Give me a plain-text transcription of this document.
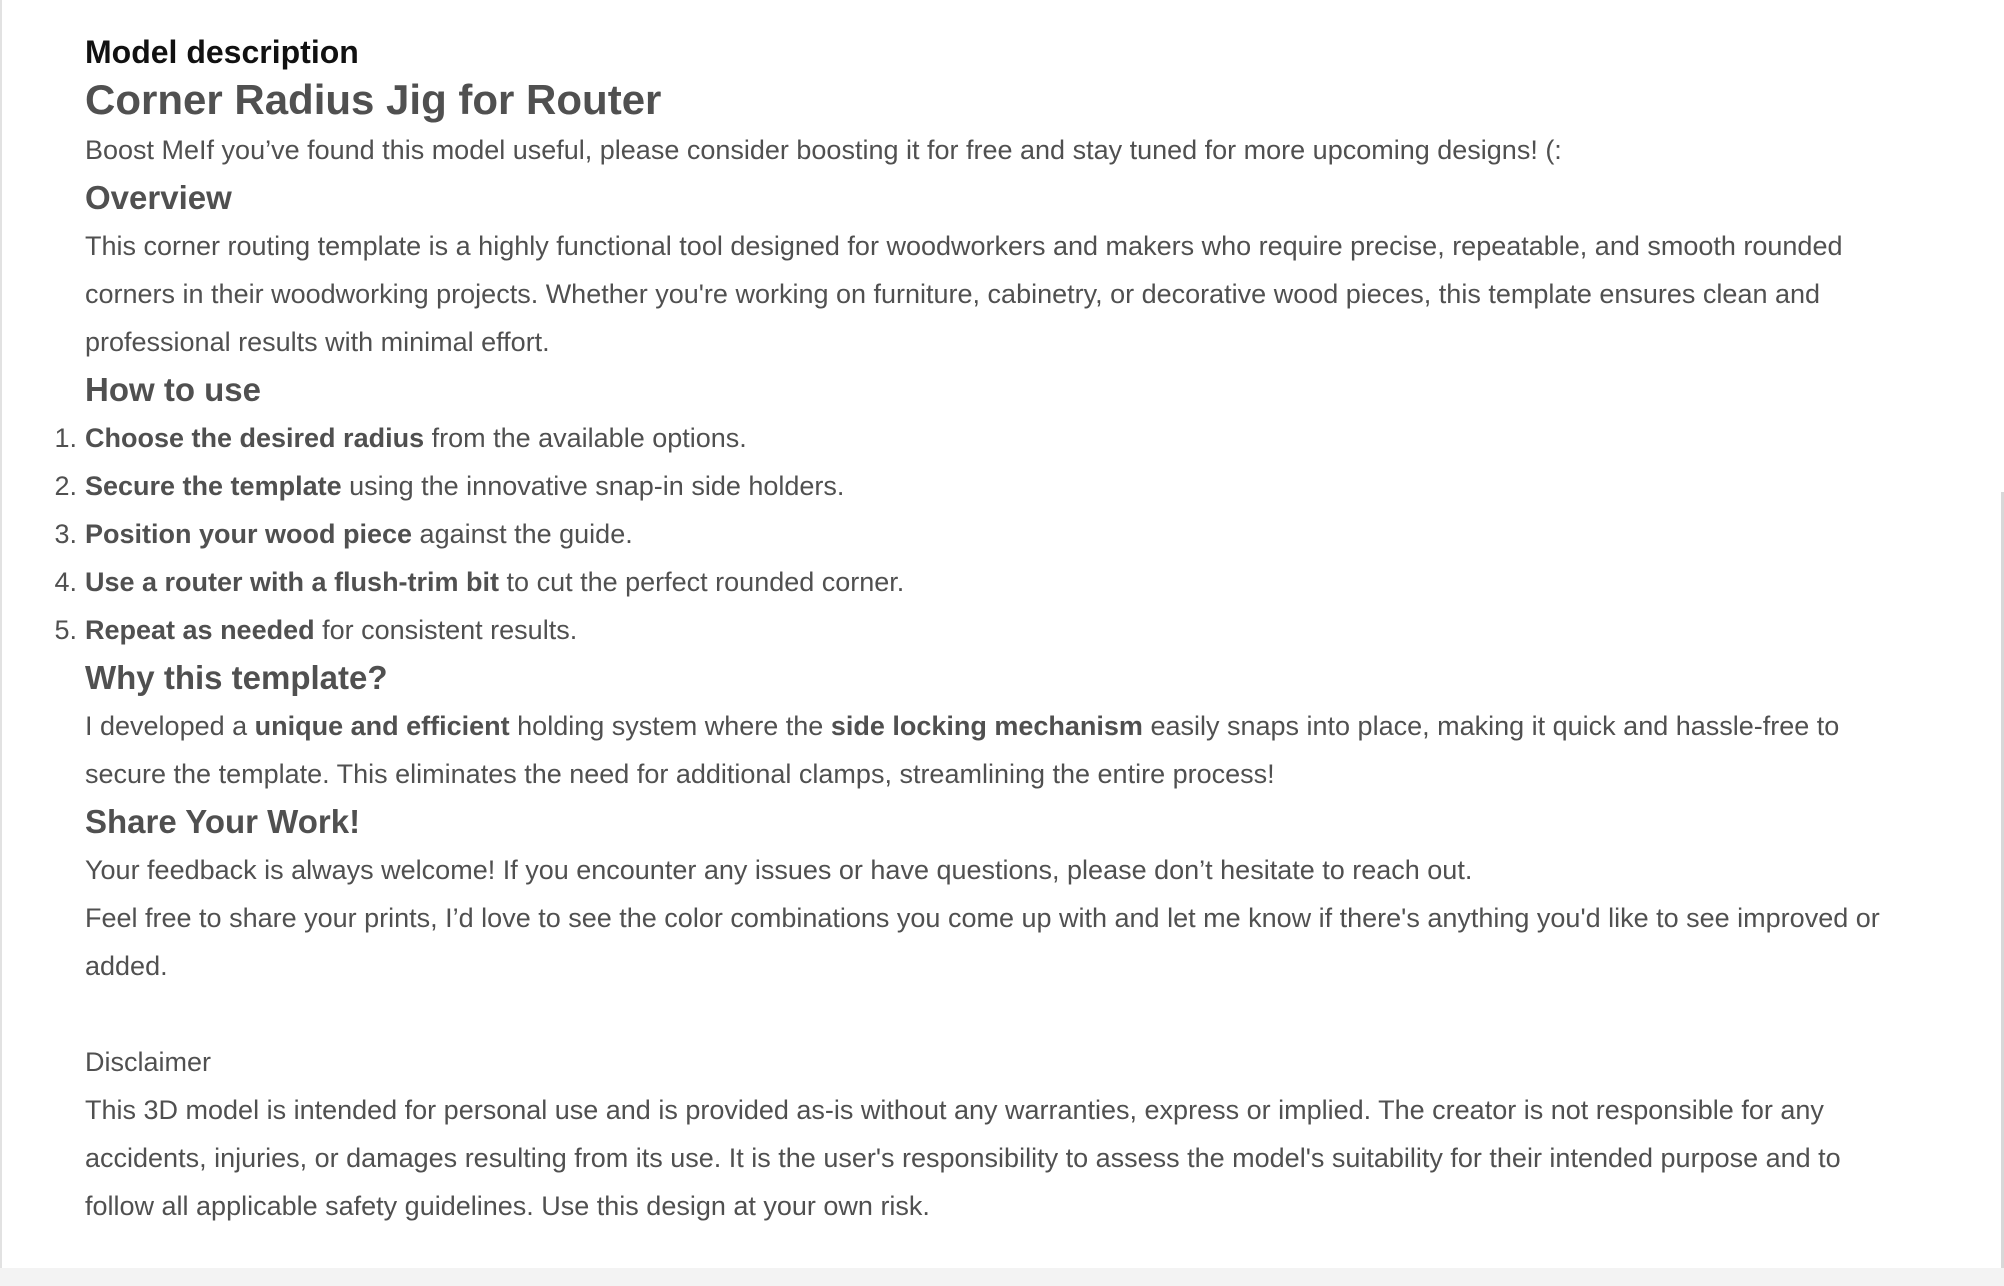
Model description
Corner Radius Jig for Router

Boost MeIf you’ve found this model useful, please consider boosting it for free and stay tuned for more upcoming designs! (:

Overview

This corner routing template is a highly functional tool designed for woodworkers and makers who require precise, repeatable, and smooth rounded corners in their woodworking projects. Whether you're working on furniture, cabinetry, or decorative wood pieces, this template ensures clean and professional results with minimal effort.

How to use
1. Choose the desired radius from the available options.
2. Secure the template using the innovative snap-in side holders.
3. Position your wood piece against the guide.
4. Use a router with a flush-trim bit to cut the perfect rounded corner.
5. Repeat as needed for consistent results.
Why this template?

I developed a unique and efficient holding system where the side locking mechanism easily snaps into place, making it quick and hassle-free to secure the template. This eliminates the need for additional clamps, streamlining the entire process!

Share Your Work!

Your feedback is always welcome! If you encounter any issues or have questions, please don’t hesitate to reach out.

Feel free to share your prints, I’d love to see the color combinations you come up with and let me know if there's anything you'd like to see improved or added.

Disclaimer

This 3D model is intended for personal use and is provided as-is without any warranties, express or implied. The creator is not responsible for any accidents, injuries, or damages resulting from its use. It is the user's responsibility to assess the model's suitability for their intended purpose and to follow all applicable safety guidelines. Use this design at your own risk.
